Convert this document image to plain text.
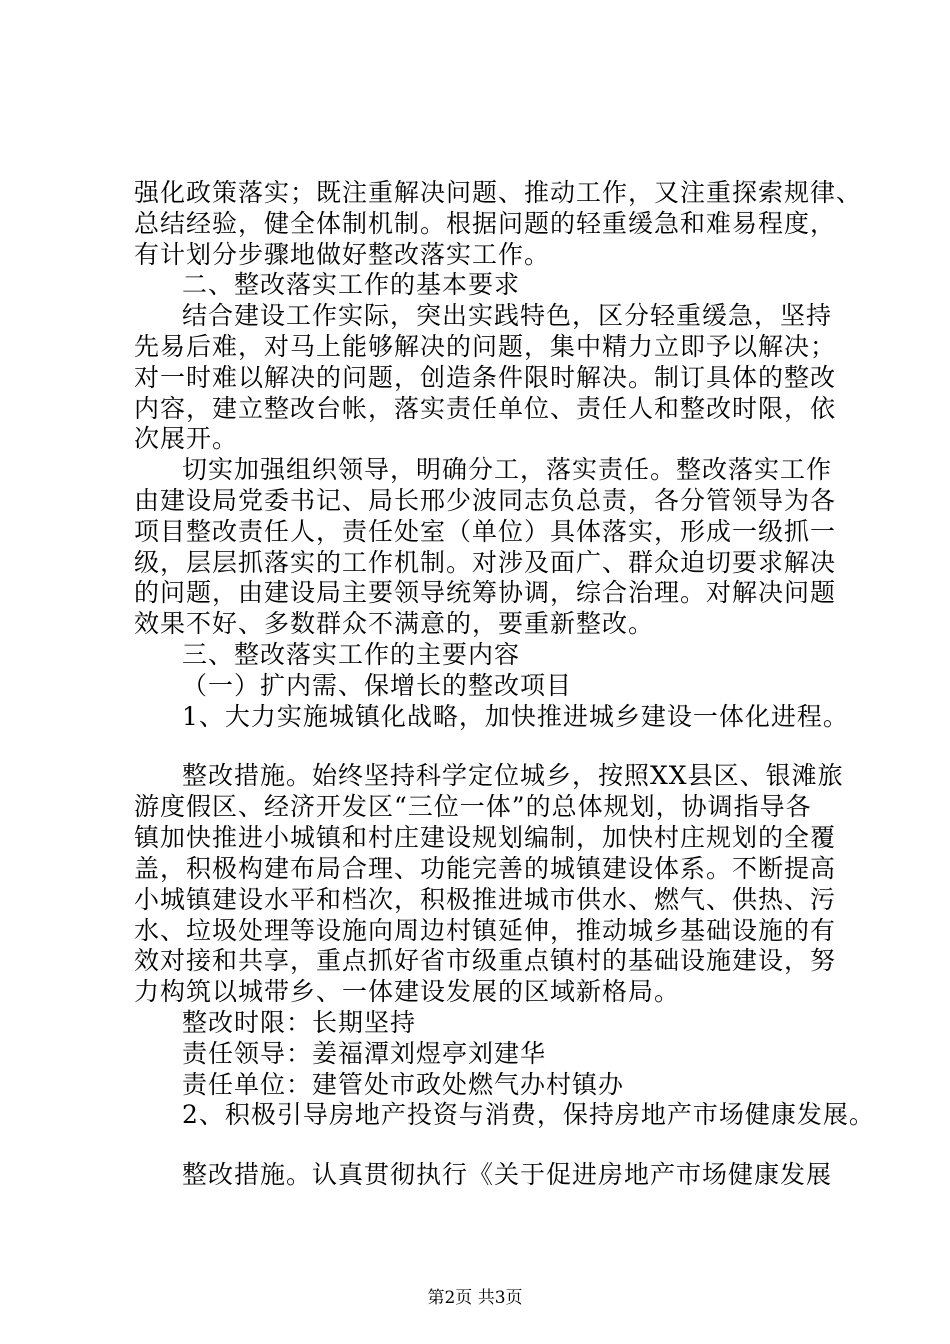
强化政策落实；既注重解决问题、推动工作，又注重探索规律、
总结经验，健全体制机制。根据问题的轻重缓急和难易程度，
有计划分步骤地做好整改落实工作。
二、整改落实工作的基本要求
结合建设工作实际，突出实践特色，区分轻重缓急，坚持
先易后难，对马上能够解决的问题，集中精力立即予以解决；
对一时难以解决的问题，创造条件限时解决。制订具体的整改
内容，建立整改台帐，落实责任单位、责任人和整改时限，依
次展开。
切实加强组织领导，明确分工，落实责任。整改落实工作
由建设局党委书记、局长邢少波同志负总责，各分管领导为各
项目整改责任人，责任处室（单位）具体落实，形成一级抓一
级，层层抓落实的工作机制。对涉及面广、群众迫切要求解决
的问题，由建设局主要领导统筹协调，综合治理。对解决问题
效果不好、多数群众不满意的，要重新整改。
三、整改落实工作的主要内容
（一）扩内需、保增长的整改项目
1、大力实施城镇化战略，加快推进城乡建设一体化进程。
整改措施。始终坚持科学定位城乡，按照XX县区、银滩旅
游度假区、经济开发区“三位一体”的总体规划，协调指导各
镇加快推进小城镇和村庄建设规划编制，加快村庄规划的全覆
盖，积极构建布局合理、功能完善的城镇建设体系。不断提高
小城镇建设水平和档次，积极推进城市供水、燃气、供热、污
水、垃圾处理等设施向周边村镇延伸，推动城乡基础设施的有
效对接和共享，重点抓好省市级重点镇村的基础设施建设，努
力构筑以城带乡、一体建设发展的区域新格局。
整改时限：长期坚持
责任领导：姜福潭刘煜亭刘建华
责任单位：建管处市政处燃气办村镇办
2、积极引导房地产投资与消费，保持房地产市场健康发展。
整改措施。认真贯彻执行《关于促进房地产市场健康发展
第2页 共3页
